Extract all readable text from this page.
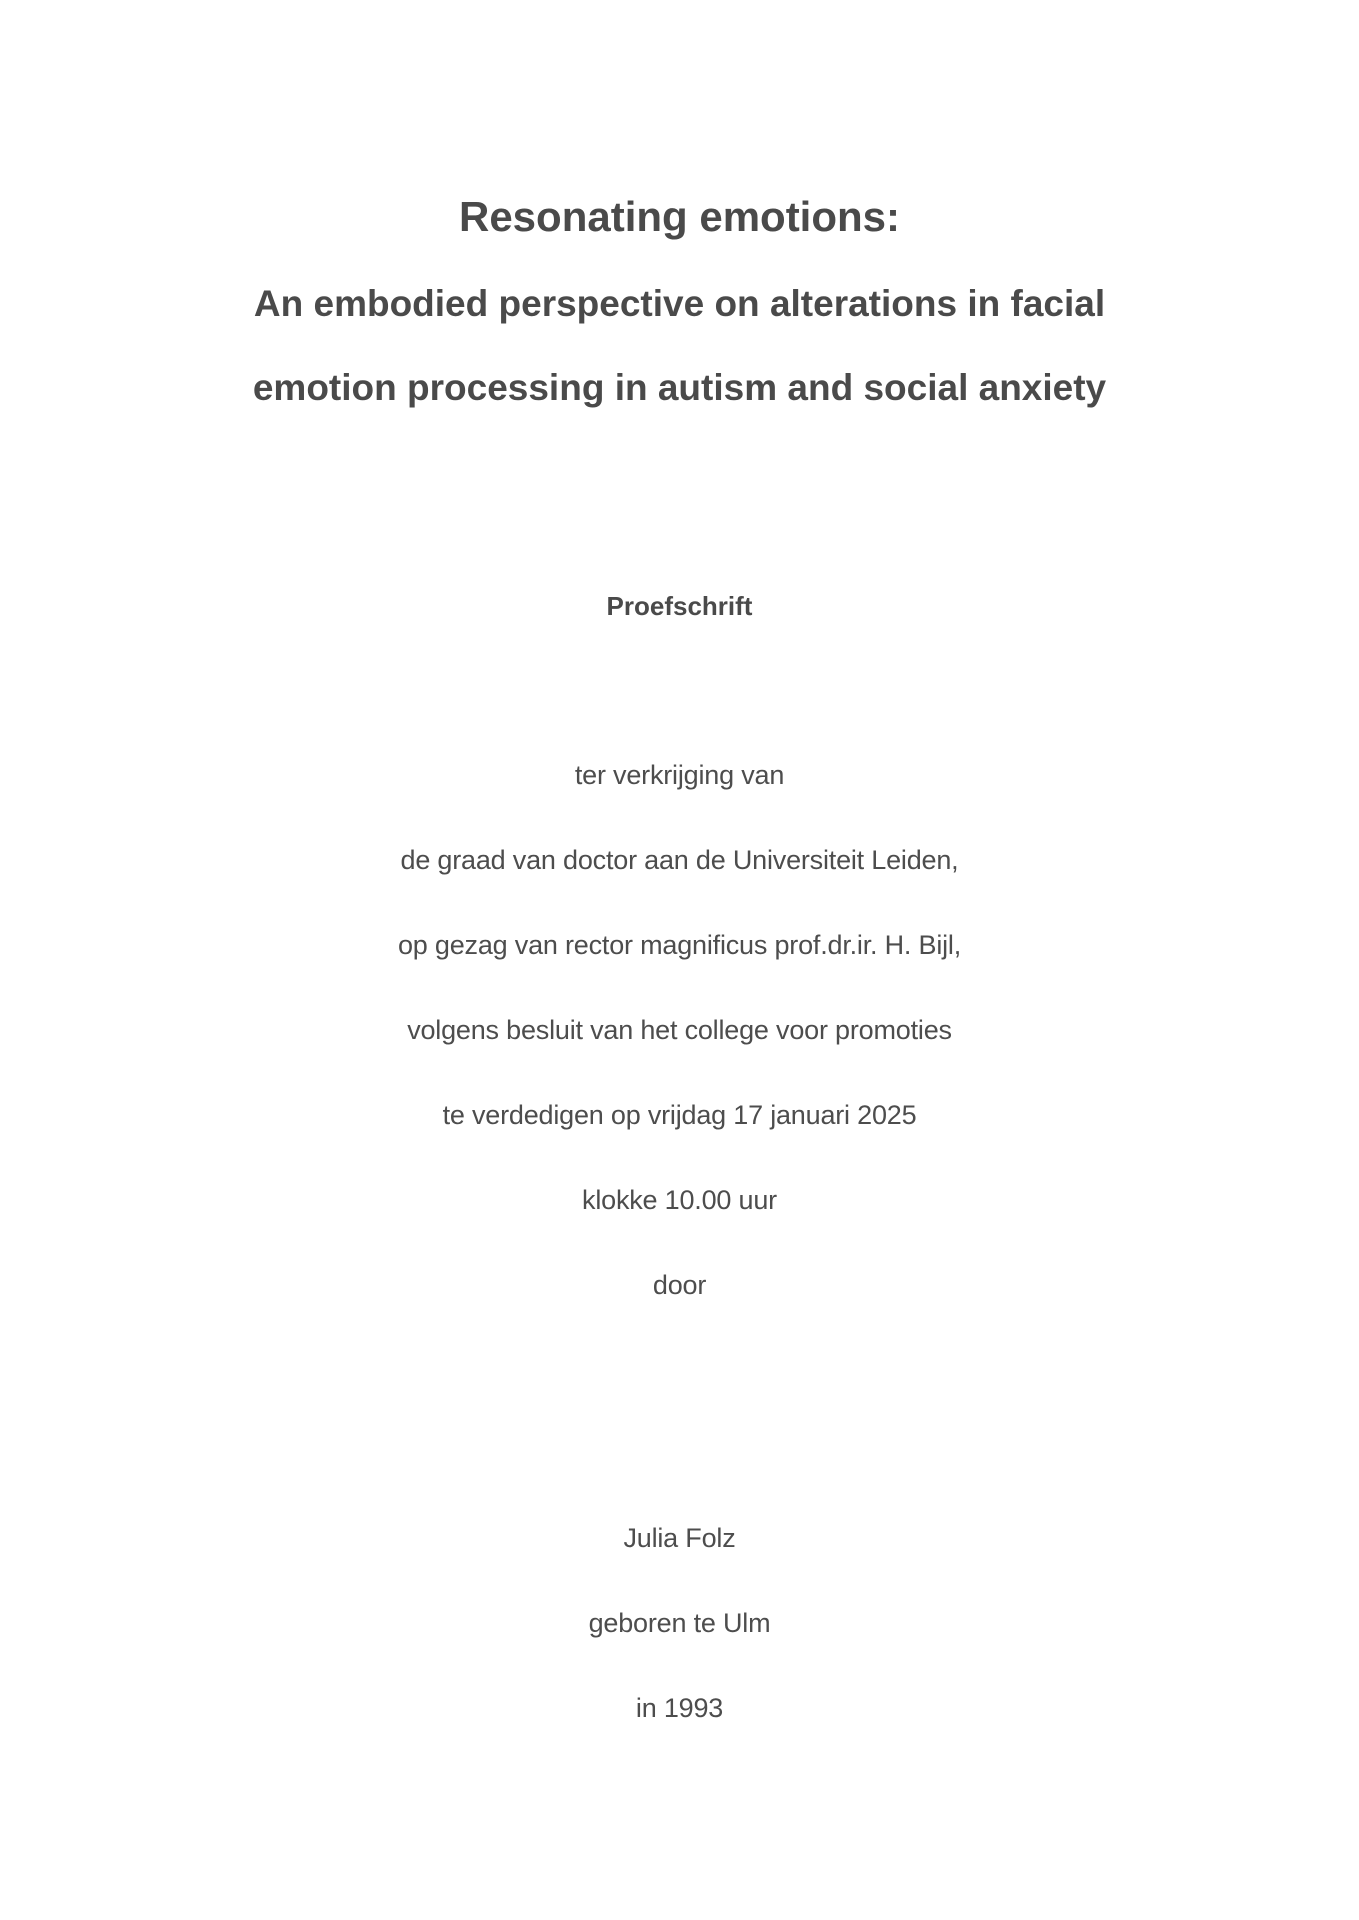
Resonating emotions:
An embodied perspective on alterations in facial
emotion processing in autism and social anxiety

Proefschrift

ter verkrijging van

de graad van doctor aan de Universiteit Leiden,

op gezag van rector magnificus prof.dr.ir. H. Bijl,

volgens besluit van het college voor promoties

te verdedigen op vrijdag 17 januari 2025

klokke 10.00 uur

door

Julia Folz

geboren te Ulm

in 1993
